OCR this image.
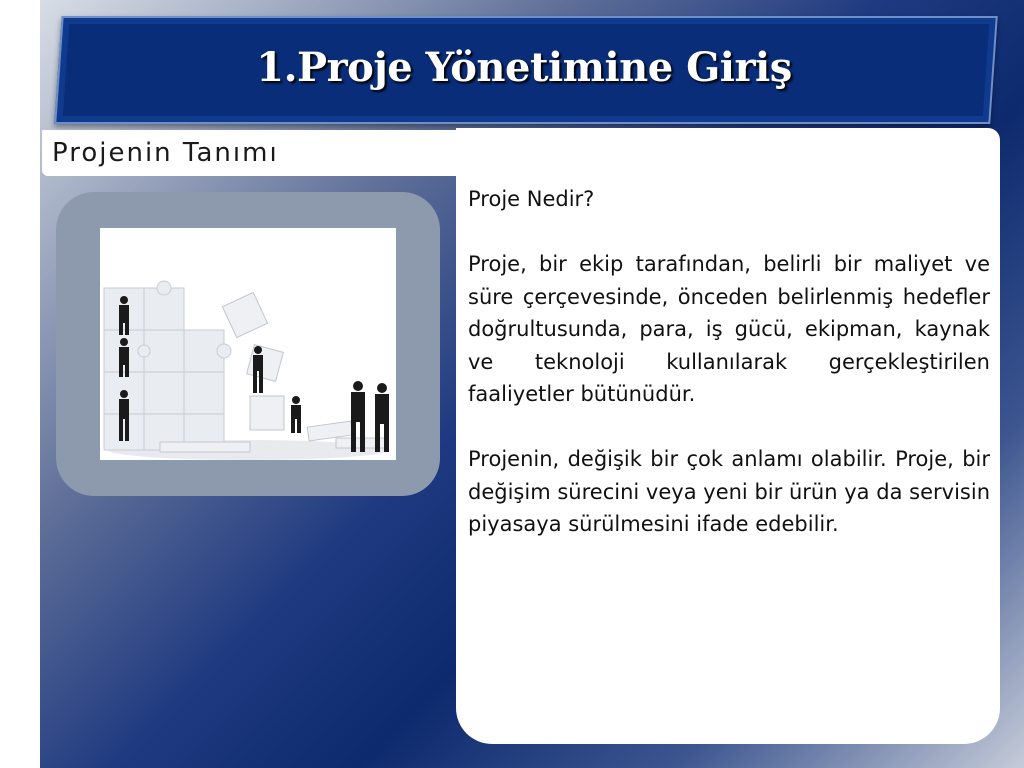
1.Proje Yönetimine Giriş
Projenin Tanımı

Proje Nedir?

Proje, bir ekip tarafından, belirli bir maliyet ve süre çerçevesinde, önceden belirlenmiş hedefler doğrultusunda, para, iş gücü, ekipman, kaynak ve teknoloji kullanılarak gerçekleştirilen faaliyetler bütünüdür.

Projenin, değişik bir çok anlamı olabilir. Proje, bir değişim sürecini veya yeni bir ürün ya da servisin piyasaya sürülmesini ifade edebilir.
